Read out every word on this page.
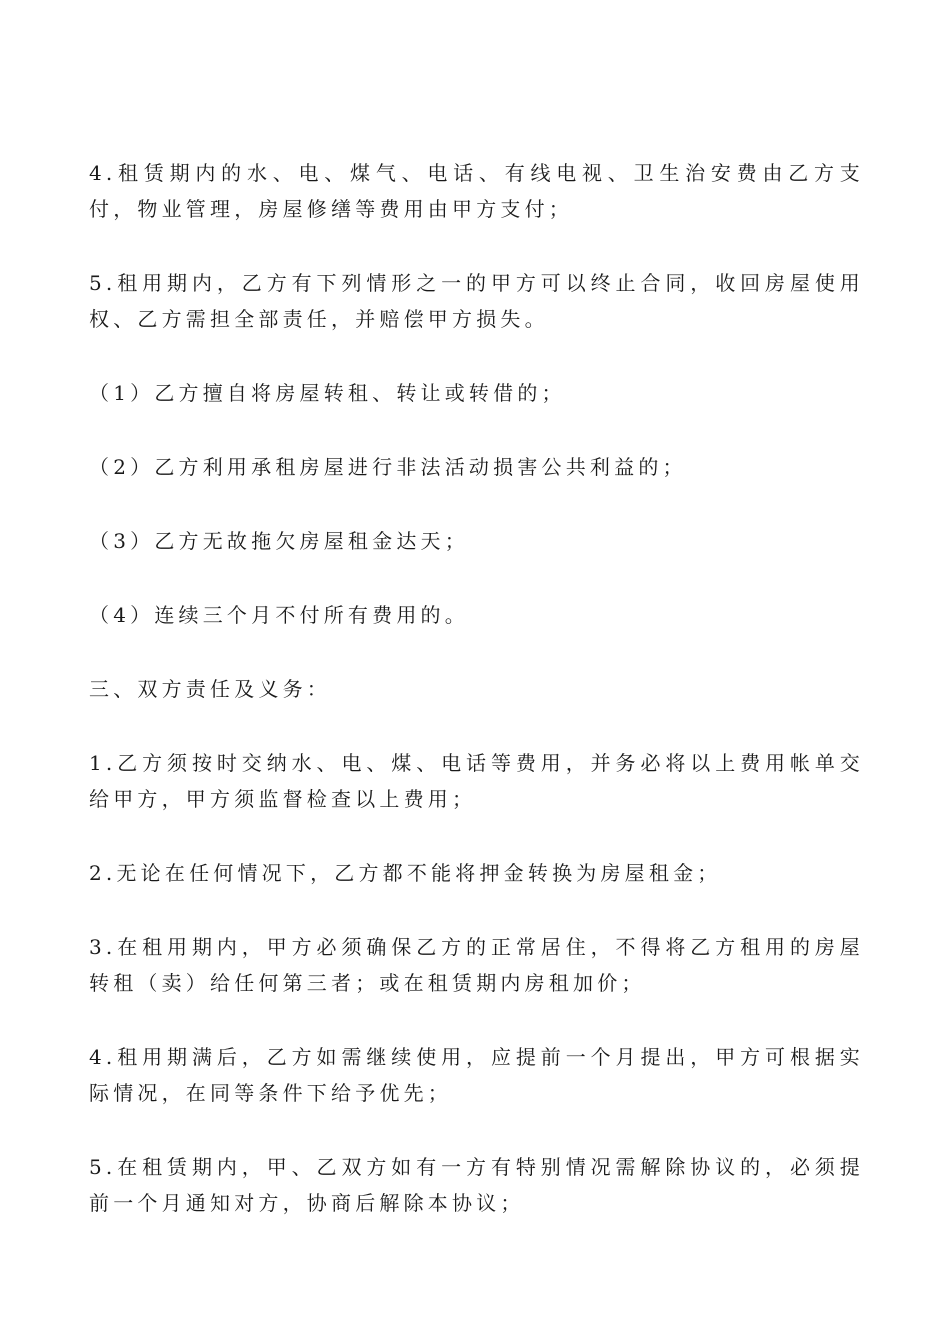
4.租赁期内的水、电、煤气、电话、有线电视、卫生治安费由乙方支付，物业管理，房屋修缮等费用由甲方支付；

5.租用期内，乙方有下列情形之一的甲方可以终止合同，收回房屋使用权、乙方需担全部责任，并赔偿甲方损失。

（1）乙方擅自将房屋转租、转让或转借的；

（2）乙方利用承租房屋进行非法活动损害公共利益的；

（3）乙方无故拖欠房屋租金达天；

（4）连续三个月不付所有费用的。

三、双方责任及义务：

1.乙方须按时交纳水、电、煤、电话等费用，并务必将以上费用帐单交给甲方，甲方须监督检查以上费用；

2.无论在任何情况下，乙方都不能将押金转换为房屋租金；

3.在租用期内，甲方必须确保乙方的正常居住，不得将乙方租用的房屋转租（卖）给任何第三者；或在租赁期内房租加价；

4.租用期满后，乙方如需继续使用，应提前一个月提出，甲方可根据实际情况，在同等条件下给予优先；

5.在租赁期内，甲、乙双方如有一方有特别情况需解除协议的，必须提前一个月通知对方，协商后解除本协议；
